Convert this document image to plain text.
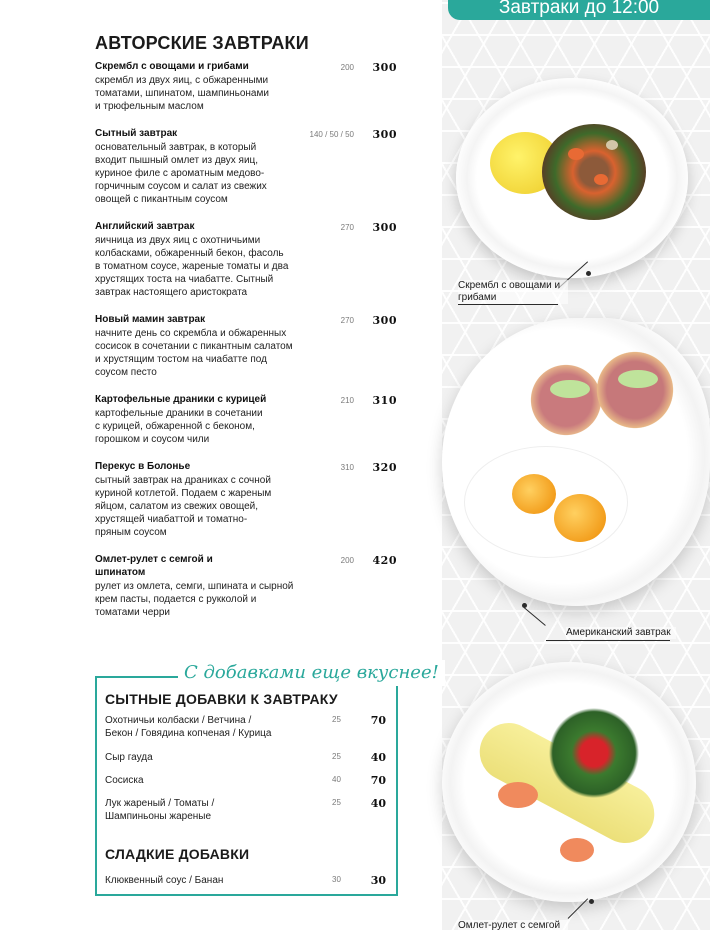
Завтраки до 12:00
Скрембл с овощами и грибами
Американский завтрак
Омлет-рулет с семгой
АВТОРСКИЕ ЗАВТРАКИ
Скрембл с овощами и грибами
скрембл из двух яиц, с обжаренными томатами, шпинатом, шампиньонами и трюфельным маслом
200 300
Сытный завтрак
основательный завтрак, в который входит пышный омлет из двух яиц, куриное филе с ароматным медово-горчичным соусом и салат из свежих овощей с пикантным соусом
140 / 50 / 50 300
Английский завтрак
яичница из двух яиц с охотничьими колбасками, обжаренный бекон, фасоль в томатном соусе, жареные томаты и два хрустящих тоста на чиабатте. Сытный завтрак настоящего аристократа
270 300
Новый мамин завтрак
начните день со скрембла и обжаренных сосисок в сочетании с пикантным салатом и хрустящим тостом на чиабатте под соусом песто
270 300
Картофельные драники с курицей
картофельные драники в сочетании с курицей, обжаренной с беконом, горошком и соусом чили
210 310
Перекус в Болонье
сытный завтрак на драниках с сочной куриной котлетой. Подаем с жареным яйцом, салатом из свежих овощей, хрустящей чиабаттой и томатно-пряным соусом
310 320
Омлет-рулет с семгой и шпинатом
рулет из омлета, семги, шпината и сырной крем пасты, подается с рукколой и томатами черри
200 420
С добавками еще вкуснее!
СЫТНЫЕ ДОБАВКИ К ЗАВТРАКУ
Охотничьи колбаски / Ветчина / Бекон / Говядина копченая / Курица
25	70
Сыр гауда	25	40
Сосиска	40	70
Лук жареный / Томаты / Шампиньоны жареные
25	40
СЛАДКИЕ ДОБАВКИ
Клюквенный соус / Банан	30	30
